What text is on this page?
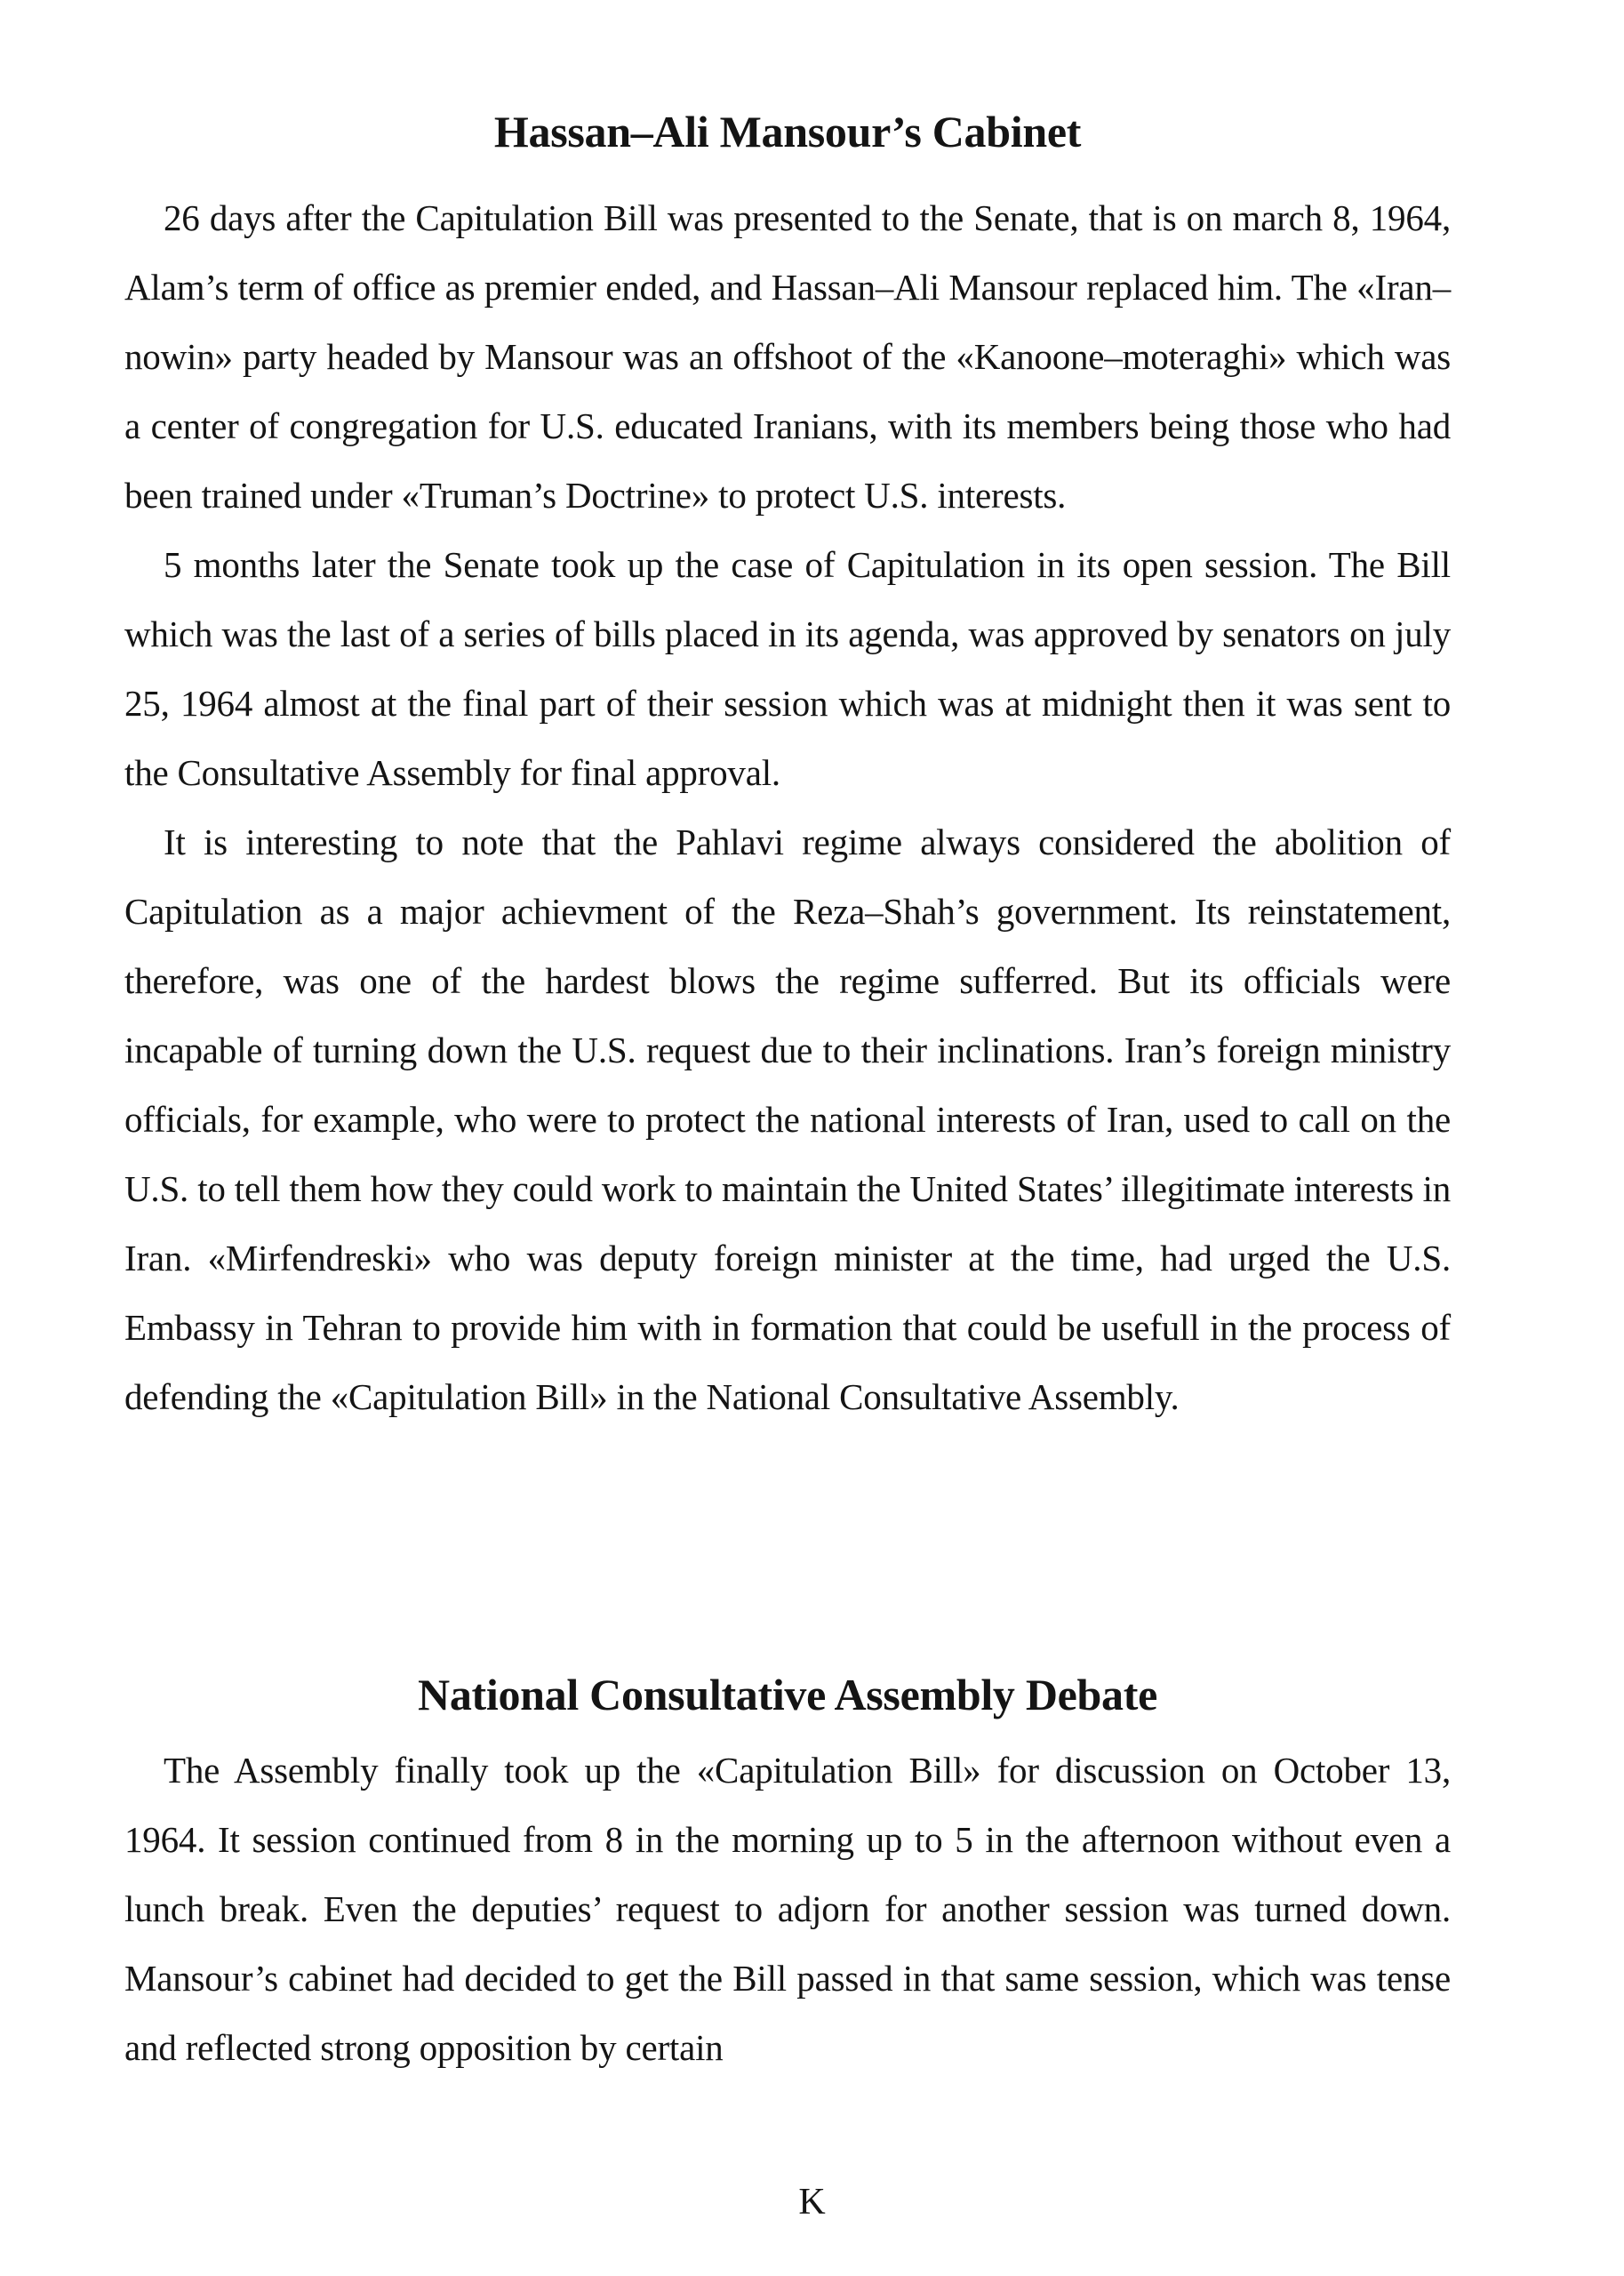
Hassan–Ali Mansour’s Cabinet

26 days after the Capitulation Bill was presented to the Senate, that is on march 8, 1964, Alam’s term of office as premier ended, and Hassan–Ali Mansour replaced him. The «Iran–nowin» party headed by Mansour was an offshoot of the «Kanoone–moteraghi» which was a center of congregation for U.S. educated Iranians, with its members being those who had been trained under «Truman’s Doctrine» to protect U.S. interests.

5 months later the Senate took up the case of Capitulation in its open session. The Bill which was the last of a series of bills placed in its agenda, was approved by senators on july 25, 1964 almost at the final part of their session which was at midnight then it was sent to the Consultative Assembly for final approval.

It is interesting to note that the Pahlavi regime always considered the abolition of Capitulation as a major achievment of the Reza–Shah’s government. Its reinstatement, therefore, was one of the hardest blows the regime sufferred. But its officials were incapable of turning down the U.S. request due to their inclinations. Iran’s foreign ministry officials, for example, who were to protect the national interests of Iran, used to call on the U.S. to tell them how they could work to maintain the United States’ illegitimate interests in Iran. «Mirfendreski» who was deputy foreign minister at the time, had urged the U.S. Embassy in Tehran to provide him with in formation that could be usefull in the process of defending the «Capitulation Bill» in the National Consultative Assembly.

National Consultative Assembly Debate

The Assembly finally took up the «Capitulation Bill» for discussion on October 13, 1964. It session continued from 8 in the morning up to 5 in the afternoon without even a lunch break. Even the deputies’ request to adjorn for another session was turned down. Mansour’s cabinet had decided to get the Bill passed in that same session, which was tense and reflected strong opposition by certain

K
